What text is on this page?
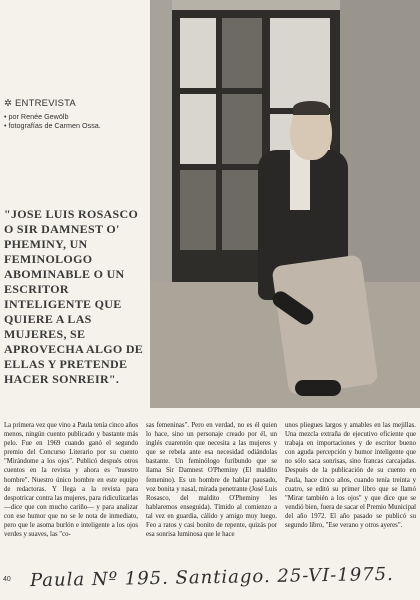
✲ ENTREVISTA
• por Renée Gewölb
• fotografías de Carmen Ossa.
"JOSE LUIS ROSASCO O SIR DAMNEST O' PHEMINY, UN FEMINOLOGO ABOMINABLE O UN ESCRITOR INTELIGENTE QUE QUIERE A LAS MUJERES, SE APROVECHA ALGO DE ELLAS Y PRETENDE HACER SONREIR".
La primera vez que vino a Paula tenía cinco años menos, ningún cuento publicado y bastante más pelo. Fue en 1969 cuando ganó el segundo premio del Concurso Literario por su cuento "Mirándome a los ojos". Publicó después otros cuentos en la revista y ahora es "nuestro hombre". Nuestro único hombre en este equipo de redactoras. Y llega a la revista para despotricar contra las mujeres, para ridiculizarlas —dice que con mucho cariño— y para analizar con ese humor que no se le nota de inmediato, pero que le asoma burlón e inteligente a los ojos verdes y suaves, las "co-
sas femeninas". Pero en verdad, no es él quien lo hace, sino un personaje creado por él, un inglés cuarentón que necesita a las mujeres y que se rebela ante esa necesidad odiándolas bastante. Un feminólogo furibundo que se llama Sir Damnest O'Pheminy (El maldito femenino). Es un hombre de hablar pausado, voz bonita y nasal, mirada penetrante (José Luis Rosasco, del maldito O'Pheminy les hablaremos enseguida). Tímido al comienzo a tal vez en guardia, cálido y amigo muy luego. Feo a ratos y casi bonito de repente, quizás por esa sonrisa luminosa que le hace
unos pliegues largos y amables en las mejillas. Una mezcla extraña de ejecutivo eficiente que trabaja en importaciones y de escritor bueno con aguda percepción y humor inteligente que no sólo saca sonrisas, sino francas carcajadas. Después de la publicación de su cuento en Paula, hace cinco años, cuando tenía treinta y cuatro, se editó su primer libro que se llamó "Mirar también a los ojos" y que dice que se vendió bien, fuera de sacar el Premio Municipal del año 1972. El año pasado se publicó su segundo libro, "Ese verano y otros ayeres".
40 Paula Nº 195. Santiago. 25-VI-1975.
